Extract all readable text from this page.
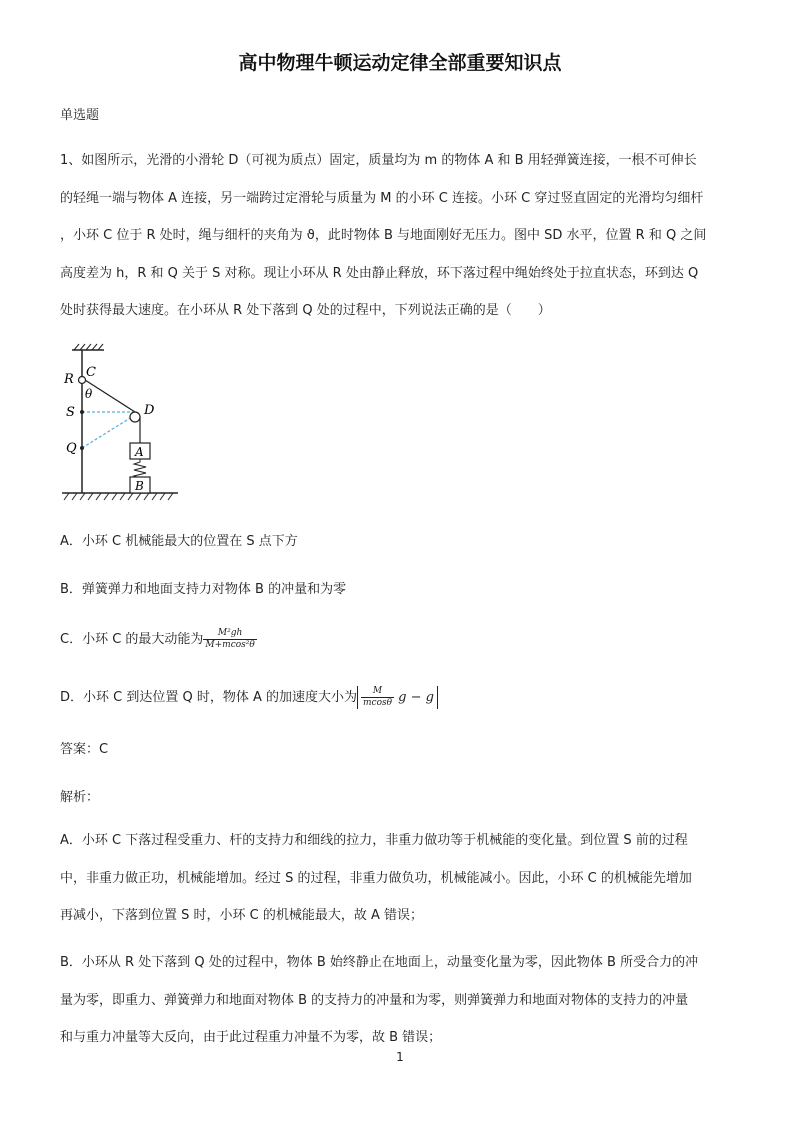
高中物理牛顿运动定律全部重要知识点
单选题
1、如图所示，光滑的小滑轮 D（可视为质点）固定，质量均为 m 的物体 A 和 B 用轻弹簧连接，一根不可伸长
的轻绳一端与物体 A 连接，另一端跨过定滑轮与质量为 M 的小环 C 连接。小环 C 穿过竖直固定的光滑均匀细杆
，小环 C 位于 R 处时，绳与细杆的夹角为 ϑ，此时物体 B 与地面刚好无压力。图中 SD 水平，位置 R 和 Q 之间
高度差为 h，R 和 Q 关于 S 对称。现让小环从 R 处由静止释放，环下落过程中绳始终处于拉直状态，环到达 Q
处时获得最大速度。在小环从 R 处下落到 Q 处的过程中，下列说法正确的是（　　）
R C
θ
S	D
Q	A
B
A．小环 C 机械能最大的位置在 S 点下方
B．弹簧弹力和地面支持力对物体 B 的冲量和为零
C．小环 C 的最大动能为 $\frac{\text{M²gh}}{\text{M+mcos²θ}}$
D．小环 C 到达位置 Q 时，物体 A 的加速度大小为 $\frac{M}{mcos\theta}$ g − g
答案：C
解析：
A．小环 C 下落过程受重力、杆的支持力和细线的拉力，非重力做功等于机械能的变化量。到位置 S 前的过程
中，非重力做正功，机械能增加。经过 S 的过程，非重力做负功，机械能减小。因此，小环 C 的机械能先增加
再减小，下落到位置 S 时，小环 C 的机械能最大，故 A 错误；
B．小环从 R 处下落到 Q 处的过程中，物体 B 始终静止在地面上，动量变化量为零，因此物体 B 所受合力的冲
量为零，即重力、弹簧弹力和地面对物体 B 的支持力的冲量和为零，则弹簧弹力和地面对物体的支持力的冲量
和与重力冲量等大反向，由于此过程重力冲量不为零，故 B 错误；
1
